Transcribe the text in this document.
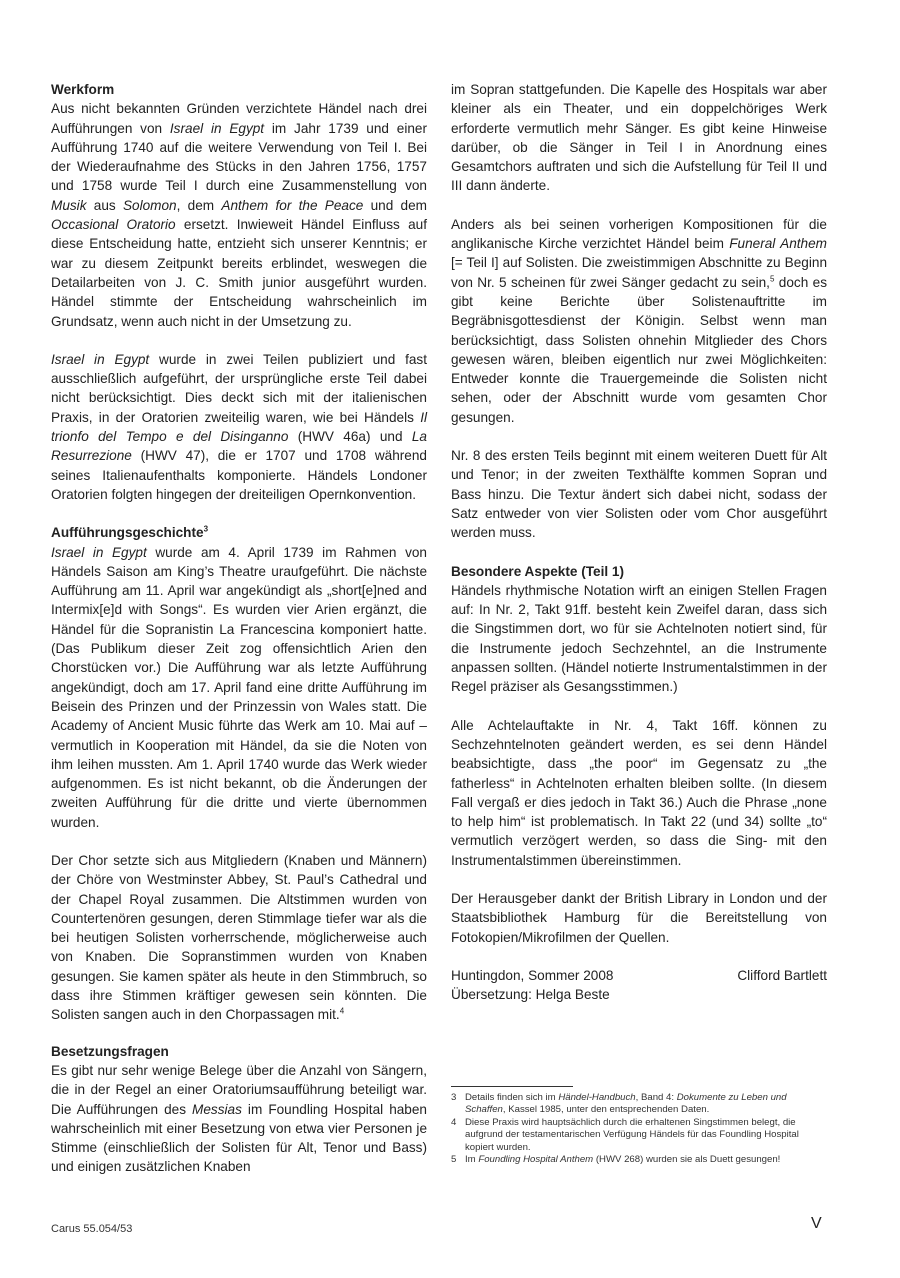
Werkform

Aus nicht bekannten Gründen verzichtete Händel nach drei Aufführungen von Israel in Egypt im Jahr 1739 und einer Aufführung 1740 auf die weitere Verwendung von Teil I. Bei der Wiederaufnahme des Stücks in den Jahren 1756, 1757 und 1758 wurde Teil I durch eine Zusammenstellung von Musik aus Solomon, dem Anthem for the Peace und dem Occasional Oratorio ersetzt. Inwieweit Händel Einfluss auf diese Entscheidung hatte, entzieht sich unserer Kenntnis; er war zu diesem Zeitpunkt bereits erblindet, weswegen die Detailarbeiten von J. C. Smith junior ausgeführt wurden. Händel stimmte der Entscheidung wahrscheinlich im Grundsatz, wenn auch nicht in der Umsetzung zu.

Israel in Egypt wurde in zwei Teilen publiziert und fast ausschließlich aufgeführt, der ursprüngliche erste Teil dabei nicht berücksichtigt. Dies deckt sich mit der italienischen Praxis, in der Oratorien zweiteilig waren, wie bei Händels Il trionfo del Tempo e del Disinganno (HWV 46a) und La Resurrezione (HWV 47), die er 1707 und 1708 während seines Italienaufenthalts komponierte. Händels Londoner Oratorien folgten hingegen der dreiteiligen Opernkonvention.

Aufführungsgeschichte$^3$

Israel in Egypt wurde am 4. April 1739 im Rahmen von Händels Saison am King’s Theatre uraufgeführt. Die nächste Aufführung am 11. April war angekündigt als „short[e]ned and Intermix[e]d with Songs“. Es wurden vier Arien ergänzt, die Händel für die Sopranistin La Francescina komponiert hatte. (Das Publikum dieser Zeit zog offensichtlich Arien den Chorstücken vor.) Die Aufführung war als letzte Aufführung angekündigt, doch am 17. April fand eine dritte Aufführung im Beisein des Prinzen und der Prinzessin von Wales statt. Die Academy of Ancient Music führte das Werk am 10. Mai auf – vermutlich in Kooperation mit Händel, da sie die Noten von ihm leihen mussten. Am 1. April 1740 wurde das Werk wieder aufgenommen. Es ist nicht bekannt, ob die Änderungen der zweiten Aufführung für die dritte und vierte übernommen wurden.

Der Chor setzte sich aus Mitgliedern (Knaben und Männern) der Chöre von Westminster Abbey, St. Paul’s Cathedral und der Chapel Royal zusammen. Die Altstimmen wurden von Countertenören gesungen, deren Stimmlage tiefer war als die bei heutigen Solisten vorherrschende, möglicherweise auch von Knaben. Die Sopranstimmen wurden von Knaben gesungen. Sie kamen später als heute in den Stimmbruch, so dass ihre Stimmen kräftiger gewesen sein könnten. Die Solisten sangen auch in den Chorpassagen mit.$^4$

Besetzungsfragen

Es gibt nur sehr wenige Belege über die Anzahl von Sängern, die in der Regel an einer Oratoriumsaufführung beteiligt war. Die Aufführungen des Messias im Foundling Hospital haben wahrscheinlich mit einer Besetzung von etwa vier Personen je Stimme (einschließlich der Solisten für Alt, Tenor und Bass) und einigen zusätzlichen Knaben

im Sopran stattgefunden. Die Kapelle des Hospitals war aber kleiner als ein Theater, und ein doppelchöriges Werk erforderte vermutlich mehr Sänger. Es gibt keine Hinweise darüber, ob die Sänger in Teil I in Anordnung eines Gesamtchors auftraten und sich die Aufstellung für Teil II und III dann änderte.

Anders als bei seinen vorherigen Kompositionen für die anglikanische Kirche verzichtet Händel beim Funeral Anthem [= Teil I] auf Solisten. Die zweistimmigen Abschnitte zu Beginn von Nr. 5 scheinen für zwei Sänger gedacht zu sein,$^5$ doch es gibt keine Berichte über Solistenauftritte im Begräbnisgottesdienst der Königin. Selbst wenn man berücksichtigt, dass Solisten ohnehin Mitglieder des Chors gewesen wären, bleiben eigentlich nur zwei Möglichkeiten: Entweder konnte die Trauergemeinde die Solisten nicht sehen, oder der Abschnitt wurde vom gesamten Chor gesungen.

Nr. 8 des ersten Teils beginnt mit einem weiteren Duett für Alt und Tenor; in der zweiten Texthälfte kommen Sopran und Bass hinzu. Die Textur ändert sich dabei nicht, sodass der Satz entweder von vier Solisten oder vom Chor ausgeführt werden muss.

Besondere Aspekte (Teil 1)

Händels rhythmische Notation wirft an einigen Stellen Fragen auf: In Nr. 2, Takt 91ff. besteht kein Zweifel daran, dass sich die Singstimmen dort, wo für sie Achtelnoten notiert sind, für die Instrumente jedoch Sechzehntel, an die Instrumente anpassen sollten. (Händel notierte Instrumentalstimmen in der Regel präziser als Gesangsstimmen.)

Alle Achtelauftakte in Nr. 4, Takt 16ff. können zu Sechzehntelnoten geändert werden, es sei denn Händel beabsichtigte, dass „the poor“ im Gegensatz zu „the fatherless“ in Achtelnoten erhalten bleiben sollte. (In diesem Fall vergaß er dies jedoch in Takt 36.) Auch die Phrase „none to help him“ ist problematisch. In Takt 22 (und 34) sollte „to“ vermutlich verzögert werden, so dass die Sing- mit den Instrumentalstimmen übereinstimmen.

Der Herausgeber dankt der British Library in London und der Staatsbibliothek Hamburg für die Bereitstellung von Fotokopien/Mikrofilmen der Quellen.

Huntingdon, Sommer 2008	Clifford Bartlett
Übersetzung: Helga Beste
3 Details finden sich im Händel-Handbuch, Band 4: Dokumente zu Leben und Schaffen, Kassel 1985, unter den entsprechenden Daten.
4 Diese Praxis wird hauptsächlich durch die erhaltenen Singstimmen belegt, die aufgrund der testamentarischen Verfügung Händels für das Foundling Hospital kopiert wurden.
5 Im Foundling Hospital Anthem (HWV 268) wurden sie als Duett gesungen!
Carus 55.054/53	V
